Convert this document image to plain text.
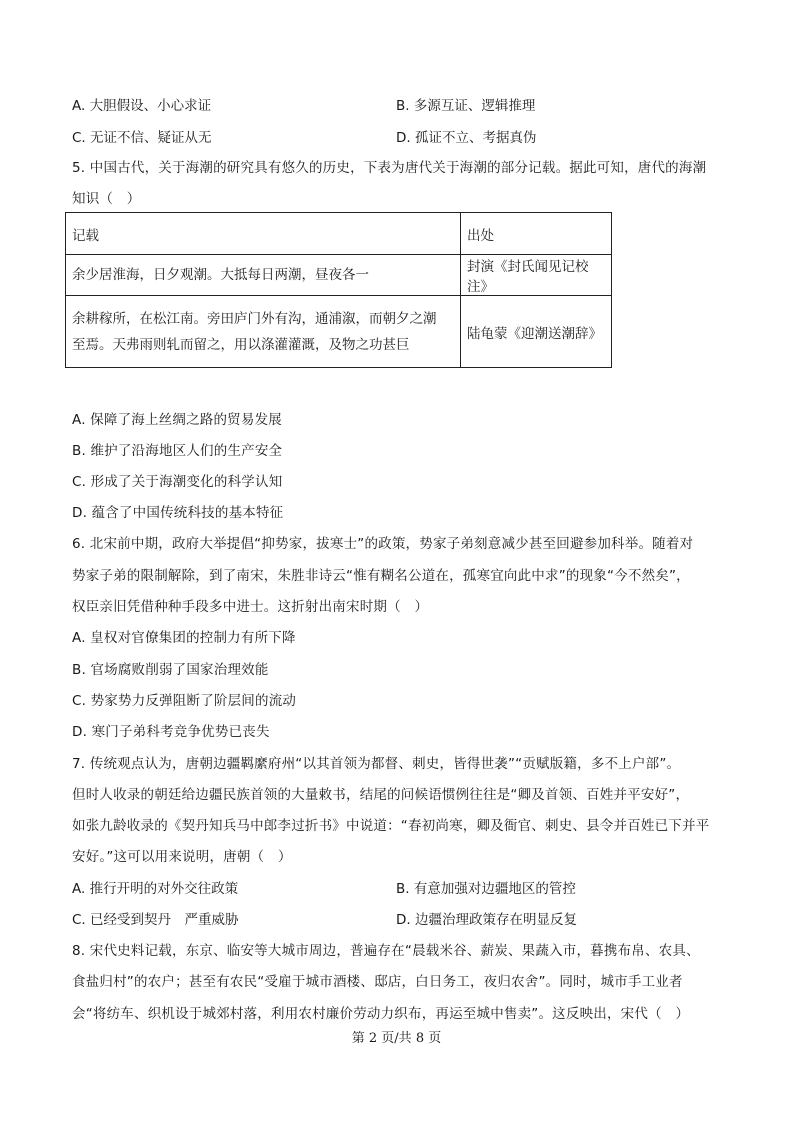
A. 大胆假设、小心求证	B. 多源互证、逻辑推理
C. 无证不信、疑证从无	D. 孤证不立、考据真伪
5. 中国古代，关于海潮的研究具有悠久的历史，下表为唐代关于海潮的部分记载。据此可知，唐代的海潮
知识（　）
记载	出处

余少居淮海，日夕观潮。大抵每日两潮，昼夜各一	封演《封氏闻见记校注》

余耕稼所，在松江南。旁田庐门外有沟，通浦溆，而朝夕之潮
至焉。天弗雨则轧而留之，用以涤灌灌溉，及物之功甚巨	陆龟蒙《迎潮送潮辞》
A. 保障了海上丝绸之路的贸易发展
B. 维护了沿海地区人们的生产安全
C. 形成了关于海潮变化的科学认知
D. 蕴含了中国传统科技的基本特征
6. 北宋前中期，政府大举提倡“抑势家，拔寒士”的政策，势家子弟刻意减少甚至回避参加科举。随着对
势家子弟的限制解除，到了南宋，朱胜非诗云“惟有糊名公道在，孤寒宜向此中求”的现象“今不然矣”，
权臣亲旧凭借种种手段多中进士。这折射出南宋时期（　）
A. 皇权对官僚集团的控制力有所下降
B. 官场腐败削弱了国家治理效能
C. 势家势力反弹阻断了阶层间的流动
D. 寒门子弟科考竞争优势已丧失
7. 传统观点认为，唐朝边疆羁縻府州“以其首领为都督、刺史，皆得世袭”“贡赋版籍，多不上户部”。
但时人收录的朝廷给边疆民族首领的大量敕书，结尾的问候语惯例往往是“卿及首领、百姓并平安好”，
如张九龄收录的《契丹知兵马中郎李过折书》中说道：“春初尚寒，卿及衙官、刺史、县令并百姓已下并平
安好。”这可以用来说明，唐朝（　）
A. 推行开明的对外交往政策	B. 有意加强对边疆地区的管控
C. 已经受到契丹　严重威胁	D. 边疆治理政策存在明显反复
8. 宋代史料记载，东京、临安等大城市周边，普遍存在“晨载米谷、薪炭、果蔬入市，暮携布帛、农具、
食盐归村”的农户；甚至有农民“受雇于城市酒楼、邸店，白日务工，夜归农舍”。同时，城市手工业者
会“将纺车、织机设于城郊村落，利用农村廉价劳动力织布，再运至城中售卖”。这反映出，宋代（　）
第 2 页/共 8 页
